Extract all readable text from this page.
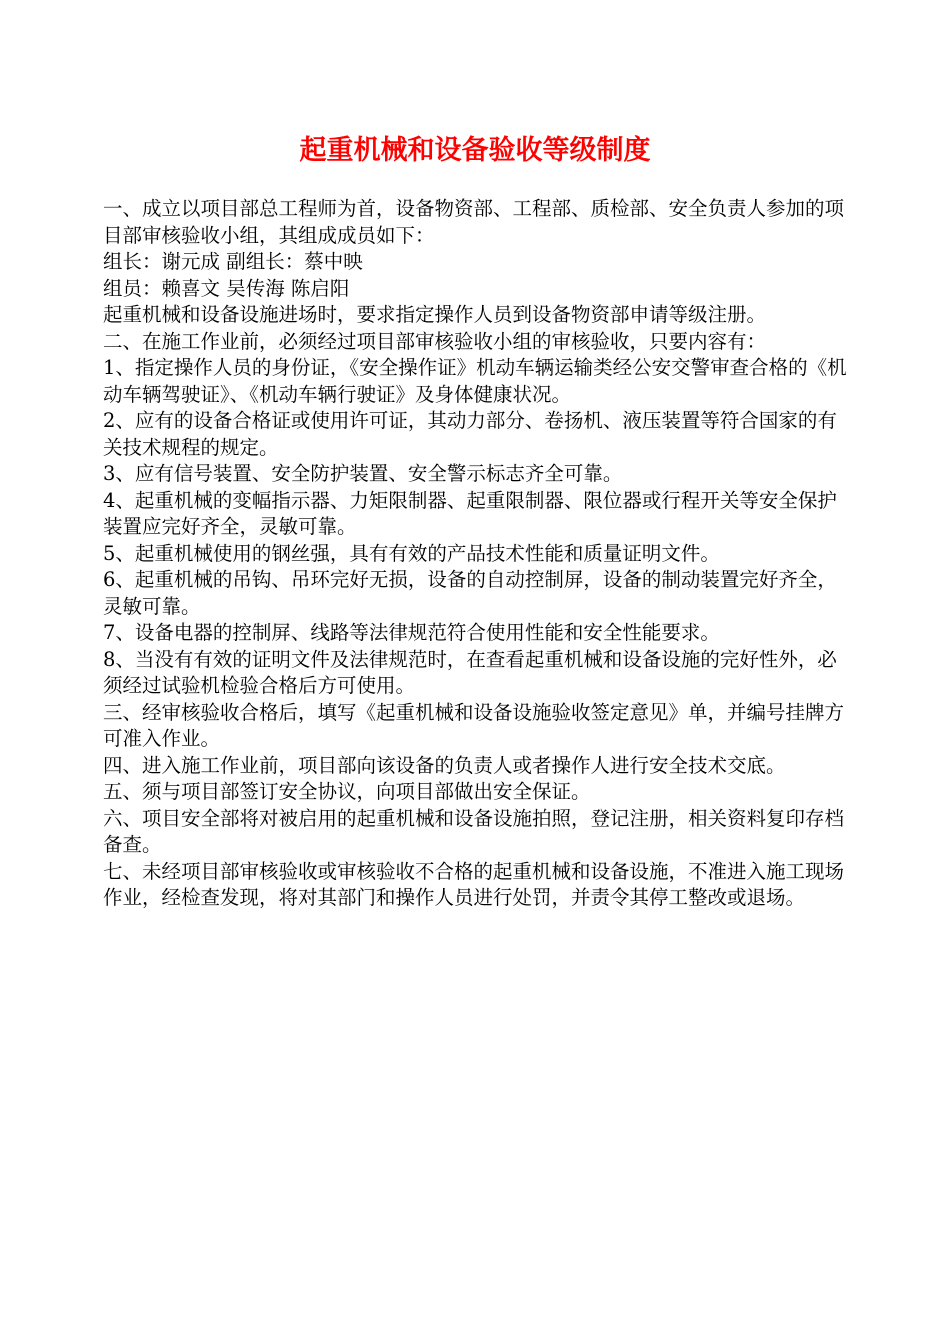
起重机械和设备验收等级制度

一、成立以项目部总工程师为首，设备物资部、工程部、质检部、安全负责人参加的项目部审核验收小组，其组成成员如下：

组长：谢元成 副组长：蔡中映

组员：赖喜文 吴传海 陈启阳

起重机械和设备设施进场时，要求指定操作人员到设备物资部申请等级注册。

二、在施工作业前，必须经过项目部审核验收小组的审核验收，只要内容有：

1、指定操作人员的身份证，《安全操作证》机动车辆运输类经公安交警审查合格的《机动车辆驾驶证》、《机动车辆行驶证》及身体健康状况。

2、应有的设备合格证或使用许可证，其动力部分、卷扬机、液压装置等符合国家的有关技术规程的规定。

3、应有信号装置、安全防护装置、安全警示标志齐全可靠。

4、起重机械的变幅指示器、力矩限制器、起重限制器、限位器或行程开关等安全保护装置应完好齐全，灵敏可靠。

5、起重机械使用的钢丝强，具有有效的产品技术性能和质量证明文件。

6、起重机械的吊钩、吊环完好无损，设备的自动控制屏，设备的制动装置完好齐全，灵敏可靠。

7、设备电器的控制屏、线路等法律规范符合使用性能和安全性能要求。

8、当没有有效的证明文件及法律规范时，在查看起重机械和设备设施的完好性外，必须经过试验机检验合格后方可使用。

三、经审核验收合格后，填写《起重机械和设备设施验收签定意见》单，并编号挂牌方可准入作业。

四、进入施工作业前，项目部向该设备的负责人或者操作人进行安全技术交底。

五、须与项目部签订安全协议，向项目部做出安全保证。

六、项目安全部将对被启用的起重机械和设备设施拍照，登记注册，相关资料复印存档备查。

七、未经项目部审核验收或审核验收不合格的起重机械和设备设施，不准进入施工现场作业，经检查发现，将对其部门和操作人员进行处罚，并责令其停工整改或退场。
